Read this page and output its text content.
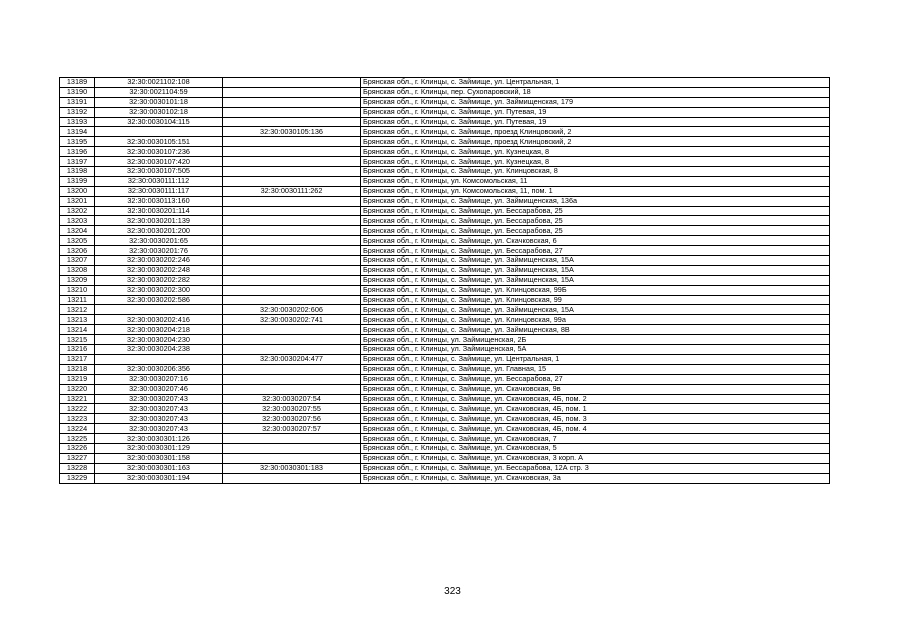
13189	32:30:0021102:108		Брянская обл., г. Клинцы, с. Займище, ул. Центральная, 1
13190	32:30:0021104:59		Брянская обл., г. Клинцы, пер. Сухопаровский, 18
13191	32:30:0030101:18		Брянская обл., г. Клинцы, с. Займище, ул. Займищенская, 179
13192	32:30:0030102:18		Брянская обл., г. Клинцы, с. Займище, ул. Путевая, 19
13193	32:30:0030104:115		Брянская обл., г. Клинцы, с. Займище, ул. Путевая, 19
13194		32:30:0030105:136	Брянская обл., г. Клинцы, с. Займище, проезд Клинцовский, 2
13195	32:30:0030105:151		Брянская обл., г. Клинцы, с. Займище, проезд Клинцовский, 2
13196	32:30:0030107:236		Брянская обл., г. Клинцы, с. Займище, ул. Кузнецкая, 8
13197	32:30:0030107:420		Брянская обл., г. Клинцы, с. Займище, ул. Кузнецкая, 8
13198	32:30:0030107:505		Брянская обл., г. Клинцы, с. Займище, ул. Клинцовская, 8
13199	32:30:0030111:112		Брянская обл., г. Клинцы, ул. Комсомольская, 11
13200	32:30:0030111:117	32:30:0030111:262	Брянская обл., г. Клинцы, ул. Комсомольская, 11, пом. 1
13201	32:30:0030113:160		Брянская обл., г. Клинцы, с. Займище, ул. Займищенская, 136а
13202	32:30:0030201:114		Брянская обл., г. Клинцы, с. Займище, ул. Бессарабова, 25
13203	32:30:0030201:139		Брянская обл., г. Клинцы, с. Займище, ул. Бессарабова, 25
13204	32:30:0030201:200		Брянская обл., г. Клинцы, с. Займище, ул. Бессарабова, 25
13205	32:30:0030201:65		Брянская обл., г. Клинцы, с. Займище, ул. Скачковская, 6
13206	32:30:0030201:76		Брянская обл., г. Клинцы, с. Займище, ул. Бессарабова, 27
13207	32:30:0030202:246		Брянская обл., г. Клинцы, с. Займище, ул. Займищенская, 15А
13208	32:30:0030202:248		Брянская обл., г. Клинцы, с. Займище, ул. Займищенская, 15А
13209	32:30:0030202:282		Брянская обл., г. Клинцы, с. Займище, ул. Займищенская, 15А
13210	32:30:0030202:300		Брянская обл., г. Клинцы, с. Займище, ул. Клинцовская, 99Б
13211	32:30:0030202:586		Брянская обл., г. Клинцы, с. Займище, ул. Клинцовская, 99
13212		32:30:0030202:606	Брянская обл., г. Клинцы, с. Займище, ул. Займищенская, 15А
13213	32:30:0030202:416	32:30:0030202:741	Брянская обл., г. Клинцы, с. Займище, ул. Клинцовская, 99а
13214	32:30:0030204:218		Брянская обл., г. Клинцы, с. Займище, ул. Займищенская, 8В
13215	32:30:0030204:230		Брянская обл., г. Клинцы, ул. Займищенская, 2Б
13216	32:30:0030204:238		Брянская обл., г. Клинцы, ул. Займищенская, 5А
13217		32:30:0030204:477	Брянская обл., г. Клинцы, с. Займище, ул. Центральная, 1
13218	32:30:0030206:356		Брянская обл., г. Клинцы, с. Займище, ул. Главная, 15
13219	32:30:0030207:16		Брянская обл., г. Клинцы, с. Займище, ул. Бессарабова, 27
13220	32:30:0030207:46		Брянская обл., г. Клинцы, с. Займище, ул. Скачковская, 9в
13221	32:30:0030207:43	32:30:0030207:54	Брянская обл., г. Клинцы, с. Займище, ул. Скачковская, 4Б, пом. 2
13222	32:30:0030207:43	32:30:0030207:55	Брянская обл., г. Клинцы, с. Займище, ул. Скачковская, 4Б, пом. 1
13223	32:30:0030207:43	32:30:0030207:56	Брянская обл., г. Клинцы, с. Займище, ул. Скачковская, 4Б, пом. 3
13224	32:30:0030207:43	32:30:0030207:57	Брянская обл., г. Клинцы, с. Займище, ул. Скачковская, 4Б, пом. 4
13225	32:30:0030301:126		Брянская обл., г. Клинцы, с. Займище, ул. Скачковская, 7
13226	32:30:0030301:129		Брянская обл., г. Клинцы, с. Займище, ул. Скачковская, 5
13227	32:30:0030301:158		Брянская обл., г. Клинцы, с. Займище, ул. Скачковская, 3 корп. А
13228	32:30:0030301:163	32:30:0030301:183	Брянская обл., г. Клинцы, с. Займище, ул. Бессарабова, 12А стр. 3
13229	32:30:0030301:194		Брянская обл., г. Клинцы, с. Займище, ул. Скачковская, 3а
323
